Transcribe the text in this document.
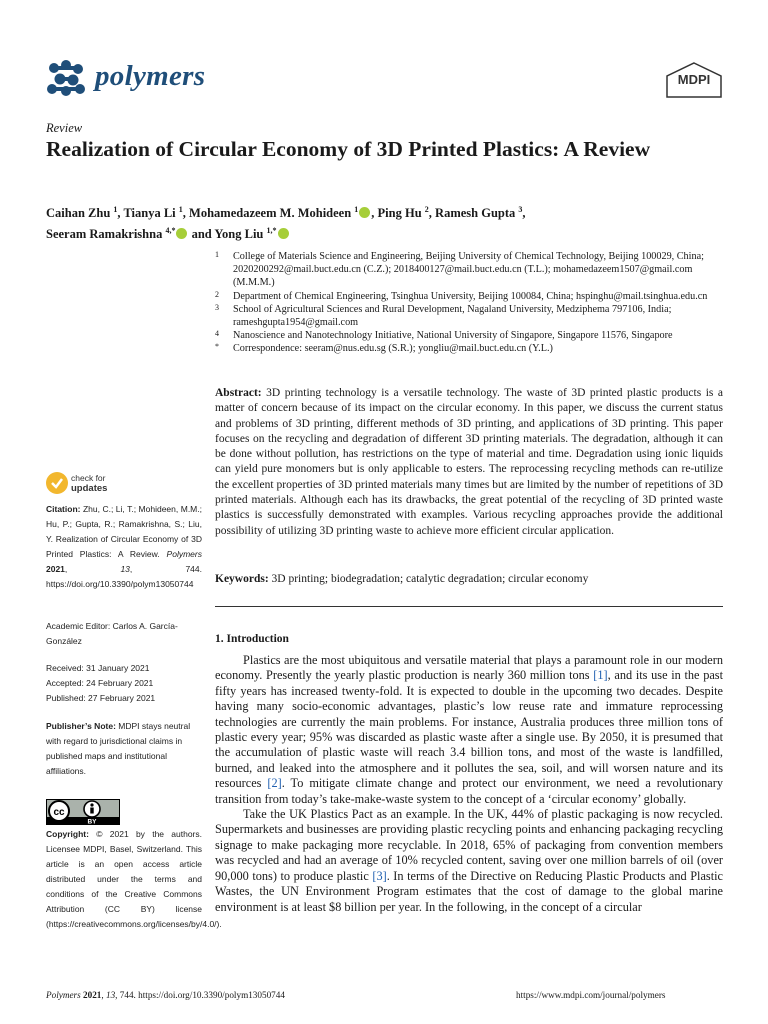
polymers	MDPI
Review
Realization of Circular Economy of 3D Printed Plastics: A Review
Caihan Zhu $^1$, Tianya Li $^1$, Mohamedazeem M. Mohideen $^1$ , Ping Hu $^2$, Ramesh Gupta $^3$,
Seeram Ramakrishna $^{4,*}$ and Yong Liu $^{1,*}$
1 College of Materials Science and Engineering, Beijing University of Chemical Technology, Beijing 100029, China; 2020200292@mail.buct.edu.cn (C.Z.); 2018400127@mail.buct.edu.cn (T.L.); mohamedazeem1507@gmail.com (M.M.M.)
2 Department of Chemical Engineering, Tsinghua University, Beijing 100084, China; hspinghu@mail.tsinghua.edu.cn
3 School of Agricultural Sciences and Rural Development, Nagaland University, Medziphema 797106, India; rameshgupta1954@gmail.com
4 Nanoscience and Nanotechnology Initiative, National University of Singapore, Singapore 11576, Singapore
* Correspondence: seeram@nus.edu.sg (S.R.); yongliu@mail.buct.edu.cn (Y.L.)
Abstract: 3D printing technology is a versatile technology. The waste of 3D printed plastic products is a matter of concern because of its impact on the circular economy. In this paper, we discuss the current status and problems of 3D printing, different methods of 3D printing, and applications of 3D printing. This paper focuses on the recycling and degradation of different 3D printing materials. The degradation, although it can be done without pollution, has restrictions on the type of material and time. Degradation using ionic liquids can yield pure monomers but is only applicable to esters. The reprocessing recycling methods can re-utilize the excellent properties of 3D printed materials many times but are limited by the number of repetitions of 3D printed materials. Although each has its drawbacks, the great potential of the recycling of 3D printed waste plastics is successfully demonstrated with examples. Various recycling approaches provide the additional possibility of utilizing 3D printing waste to achieve more efficient circular application.
Keywords: 3D printing; biodegradation; catalytic degradation; circular economy
check for
updates
Citation: Zhu, C.; Li, T.; Mohideen, M.M.; Hu, P.; Gupta, R.; Ramakrishna, S.; Liu, Y. Realization of Circular Economy of 3D Printed Plastics: A Review. Polymers 2021, 13, 744. https://doi.org/10.3390/polym13050744
Academic Editor: Carlos A. García-González
Received: 31 January 2021
Accepted: 24 February 2021
Published: 27 February 2021
Publisher’s Note: MDPI stays neutral with regard to jurisdictional claims in published maps and institutional affiliations.
cc
BY
Copyright: © 2021 by the authors. Licensee MDPI, Basel, Switzerland. This article is an open access article distributed under the terms and conditions of the Creative Commons Attribution (CC BY) license (https://creativecommons.org/licenses/by/4.0/).
1. Introduction

Plastics are the most ubiquitous and versatile material that plays a paramount role in our modern economy. Presently the yearly plastic production is nearly 360 million tons [1], and its use in the past fifty years has increased twenty-fold. It is expected to double in the upcoming two decades. Despite having many socio-economic advantages, plastic’s low reuse rate and immature reprocessing technologies are currently the main problems. For instance, Australia produces three million tons of plastic every year; 95% was discarded as plastic waste after a single use. By 2050, it is presumed that the accumulation of plastic waste will reach 3.4 billion tons, and most of the waste is landfilled, burned, and leaked into the atmosphere and it pollutes the sea, soil, and will worsen nature and its resources [2]. To mitigate climate change and protect our environment, we need a revolutionary transition from today’s take-make-waste system to the concept of a ‘circular economy’ globally.

Take the UK Plastics Pact as an example. In the UK, 44% of plastic packaging is now recycled. Supermarkets and businesses are providing plastic recycling points and enhancing packaging recycling signage to make packaging more recyclable. In 2018, 65% of packaging from convention members was recycled and had an average of 10% recycled content, saving over one million barrels of oil (over 90,000 tons) to produce plastic [3]. In terms of the Directive on Reducing Plastic Products and Plastic Wastes, the UN Environment Program estimates that the cost of damage to the global marine environment is at least $8 billion per year. In the following, in the concept of a circular

Polymers 2021, 13, 744. https://doi.org/10.3390/polym13050744	https://www.mdpi.com/journal/polymers
